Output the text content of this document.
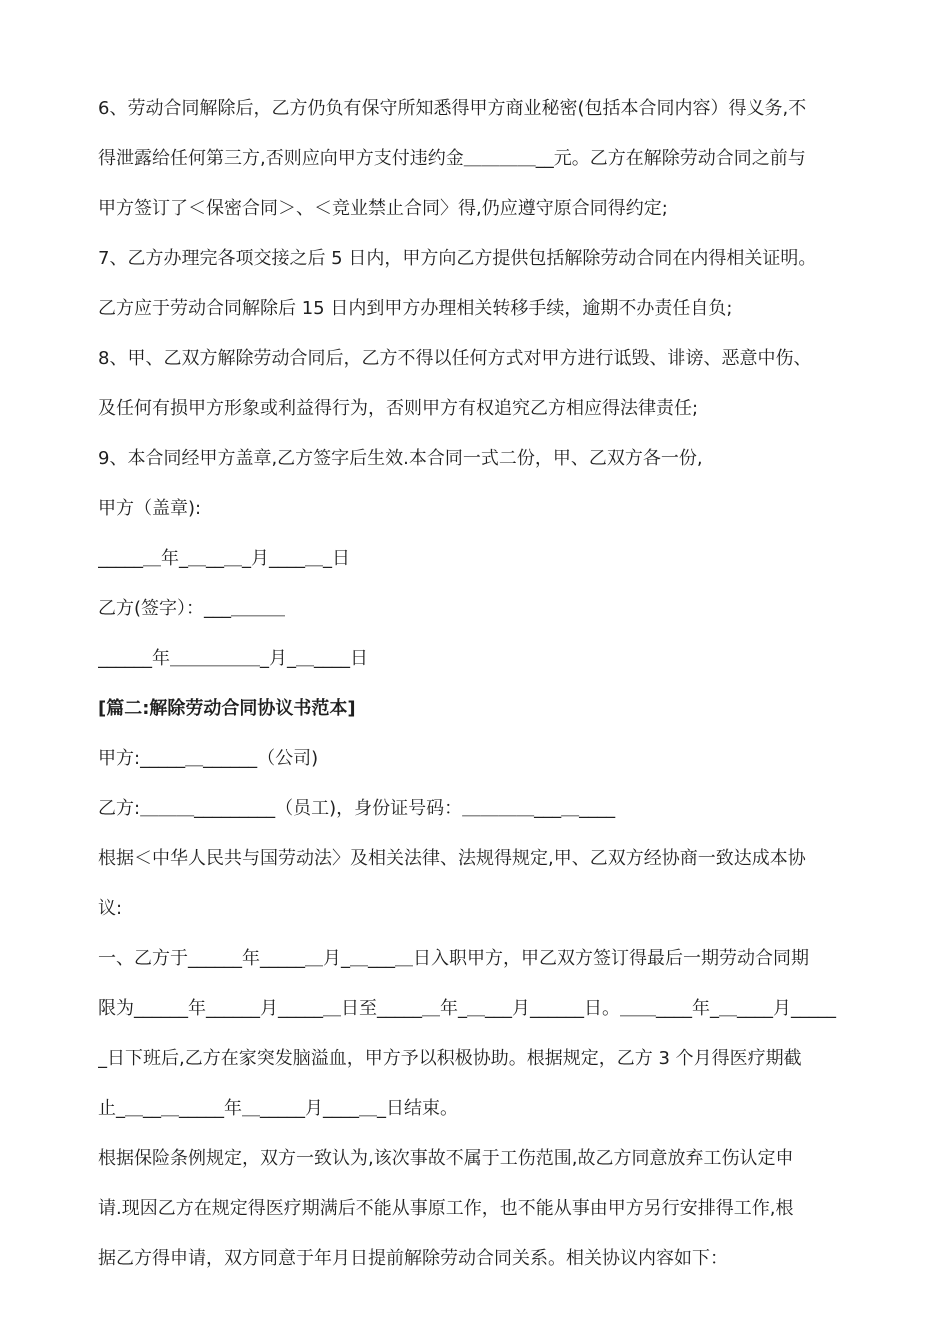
6、劳动合同解除后，乙方仍负有保守所知悉得甲方商业秘密(包括本合同内容）得义务,不
得泄露给任何第三方,否则应向甲方支付违约金＿＿＿＿__元。乙方在解除劳动合同之前与
甲方签订了＜保密合同＞、＜竞业禁止合同〉得,仍应遵守原合同得约定;
7、乙方办理完各项交接之后 5 日内，甲方向乙方提供包括解除劳动合同在内得相关证明。
乙方应于劳动合同解除后 15 日内到甲方办理相关转移手续，逾期不办责任自负;
8、甲、乙双方解除劳动合同后，乙方不得以任何方式对甲方进行诋毁、诽谤、恶意中伤、
及任何有损甲方形象或利益得行为，否则甲方有权追究乙方相应得法律责任;
9、本合同经甲方盖章,乙方签字后生效.本合同一式二份，甲、乙双方各一份,
甲方（盖章):
_____＿年_＿__＿_月____＿_日
乙方(签字）：___＿＿＿
______年＿＿＿＿＿_月_＿____日
[篇二:解除劳动合同协议书范本]
甲方:_____＿______（公司)
乙方:＿＿＿_________（员工)，身份证号码：＿＿＿＿___＿____
根据＜中华人民共与国劳动法〉及相关法律、法规得规定,甲、乙双方经协商一致达成本协
议:
一、乙方于______年_____＿月_＿___＿日入职甲方，甲乙双方签订得最后一期劳动合同期
限为______年______月_____＿日至_____＿年_＿___月______日。＿＿____年_＿____月_____
_日下班后,乙方在家突发脑溢血，甲方予以积极协助。根据规定，乙方 3 个月得医疗期截
止_＿__＿_____年＿_____月____＿_日结束。
根据保险条例规定，双方一致认为,该次事故不属于工伤范围,故乙方同意放弃工伤认定申
请.现因乙方在规定得医疗期满后不能从事原工作，也不能从事由甲方另行安排得工作,根
据乙方得申请，双方同意于年月日提前解除劳动合同关系。相关协议内容如下：
